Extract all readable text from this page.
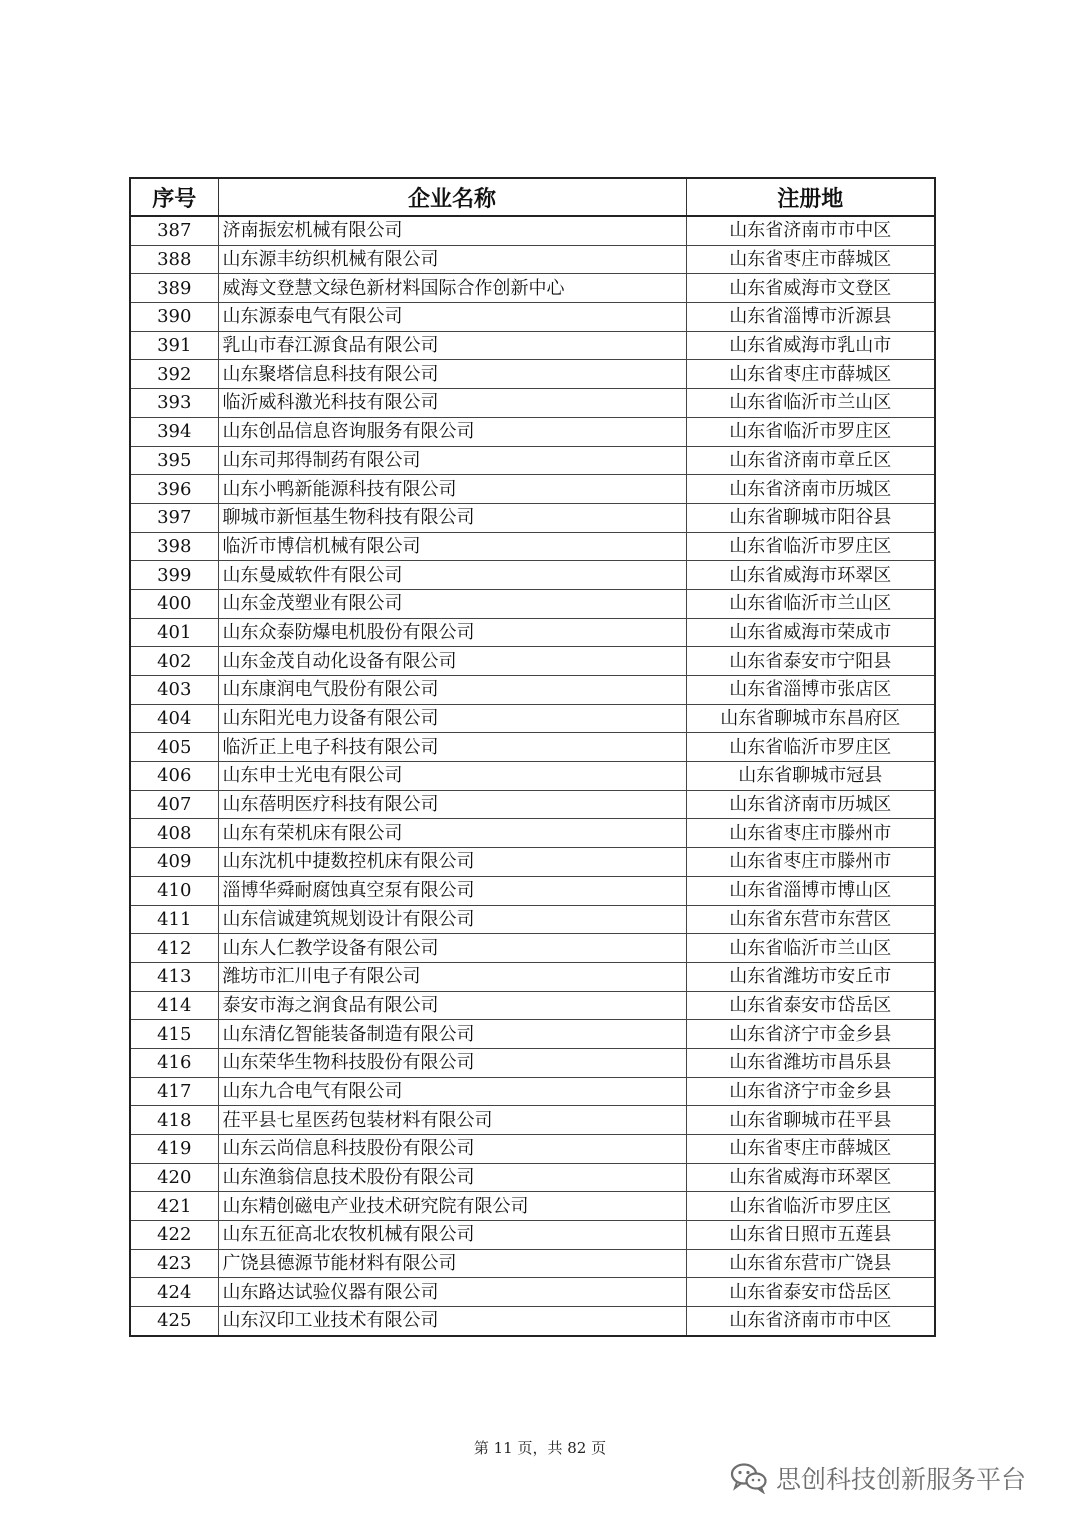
序号	企业名称	注册地
387	济南振宏机械有限公司	山东省济南市市中区
388	山东源丰纺织机械有限公司	山东省枣庄市薛城区
389	威海文登慧文绿色新材料国际合作创新中心	山东省威海市文登区
390	山东源泰电气有限公司	山东省淄博市沂源县
391	乳山市春江源食品有限公司	山东省威海市乳山市
392	山东聚塔信息科技有限公司	山东省枣庄市薛城区
393	临沂威科激光科技有限公司	山东省临沂市兰山区
394	山东创品信息咨询服务有限公司	山东省临沂市罗庄区
395	山东司邦得制药有限公司	山东省济南市章丘区
396	山东小鸭新能源科技有限公司	山东省济南市历城区
397	聊城市新恒基生物科技有限公司	山东省聊城市阳谷县
398	临沂市博信机械有限公司	山东省临沂市罗庄区
399	山东曼威软件有限公司	山东省威海市环翠区
400	山东金茂塑业有限公司	山东省临沂市兰山区
401	山东众泰防爆电机股份有限公司	山东省威海市荣成市
402	山东金茂自动化设备有限公司	山东省泰安市宁阳县
403	山东康润电气股份有限公司	山东省淄博市张店区
404	山东阳光电力设备有限公司	山东省聊城市东昌府区
405	临沂正上电子科技有限公司	山东省临沂市罗庄区
406	山东申士光电有限公司	山东省聊城市冠县
407	山东蓓明医疗科技有限公司	山东省济南市历城区
408	山东有荣机床有限公司	山东省枣庄市滕州市
409	山东沈机中捷数控机床有限公司	山东省枣庄市滕州市
410	淄博华舜耐腐蚀真空泵有限公司	山东省淄博市博山区
411	山东信诚建筑规划设计有限公司	山东省东营市东营区
412	山东人仁教学设备有限公司	山东省临沂市兰山区
413	潍坊市汇川电子有限公司	山东省潍坊市安丘市
414	泰安市海之润食品有限公司	山东省泰安市岱岳区
415	山东清亿智能装备制造有限公司	山东省济宁市金乡县
416	山东荣华生物科技股份有限公司	山东省潍坊市昌乐县
417	山东九合电气有限公司	山东省济宁市金乡县
418	茌平县七星医药包装材料有限公司	山东省聊城市茌平县
419	山东云尚信息科技股份有限公司	山东省枣庄市薛城区
420	山东渔翁信息技术股份有限公司	山东省威海市环翠区
421	山东精创磁电产业技术研究院有限公司	山东省临沂市罗庄区
422	山东五征高北农牧机械有限公司	山东省日照市五莲县
423	广饶县德源节能材料有限公司	山东省东营市广饶县
424	山东路达试验仪器有限公司	山东省泰安市岱岳区
425	山东汉印工业技术有限公司	山东省济南市市中区
第 11 页，共 82 页
思创科技创新服务平台
